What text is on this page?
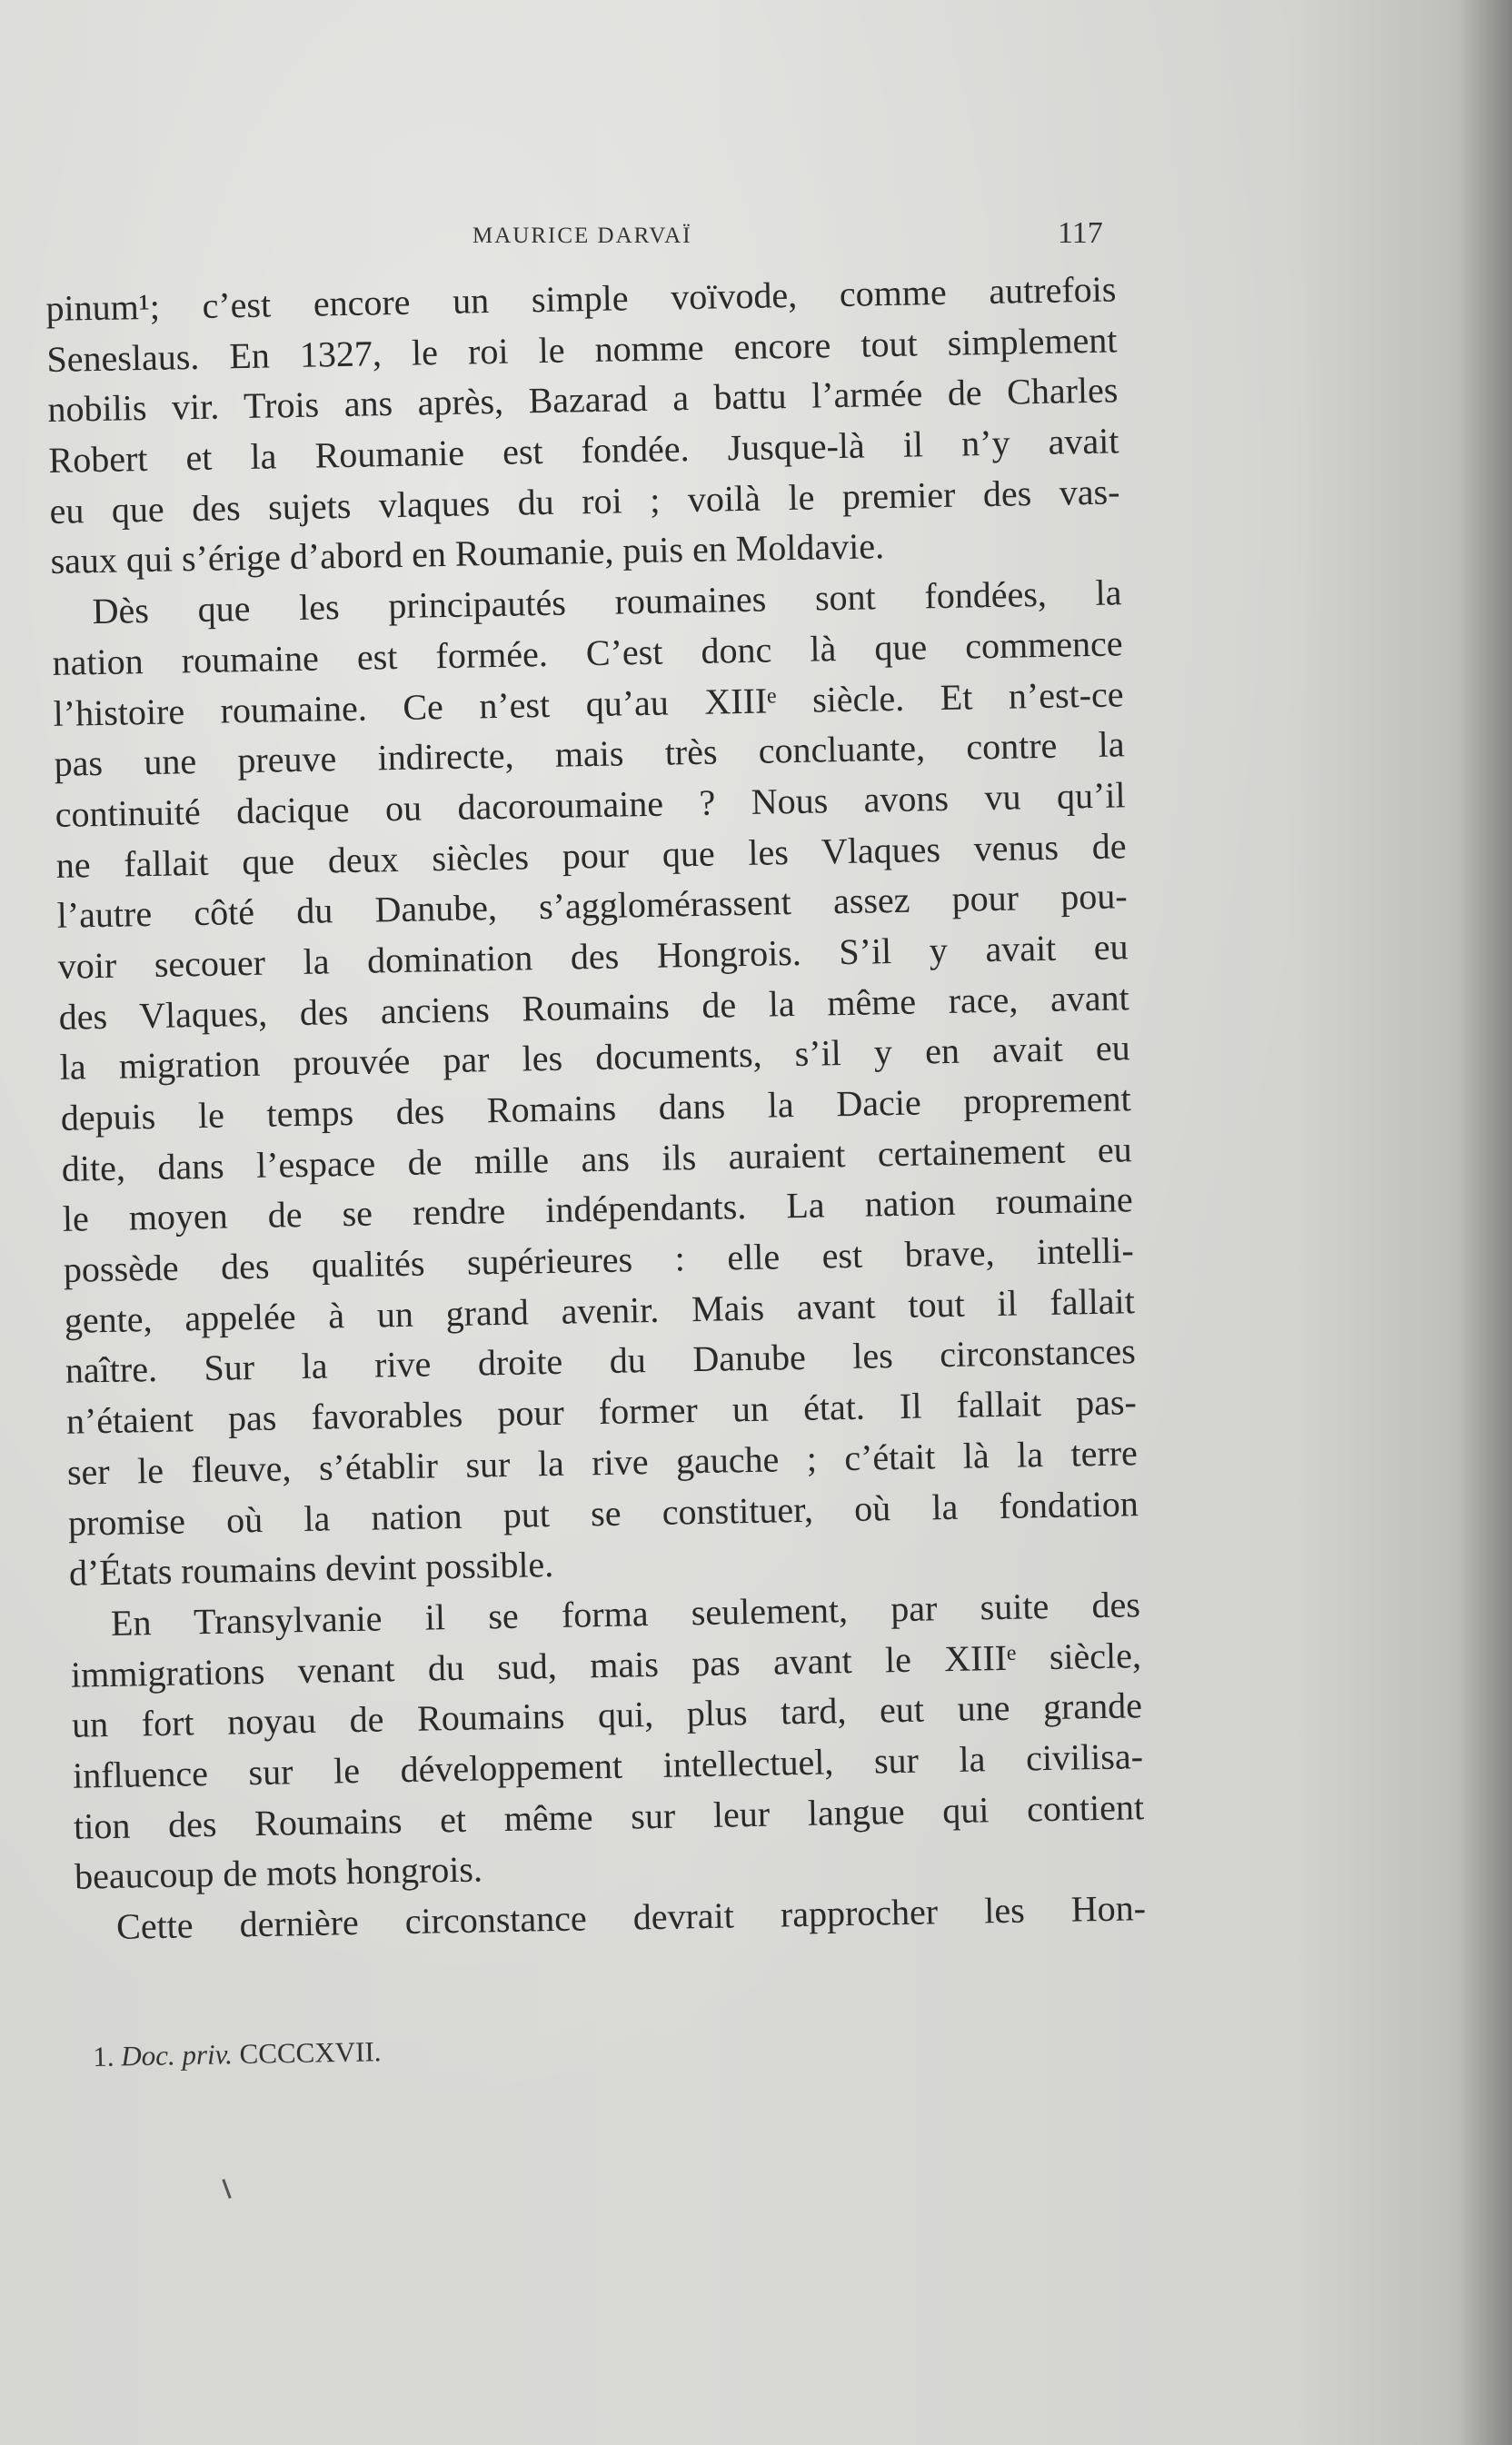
MAURICE DARVAÏ	117
pinum¹; c’est encore un simple voïvode, comme autrefois
Seneslaus. En 1327, le roi le nomme encore tout simplement
nobilis vir. Trois ans après, Bazarad a battu l’armée de Charles
Robert et la Roumanie est fondée. Jusque-là il n’y avait
eu que des sujets vlaques du roi ; voilà le premier des vas-
saux qui s’érige d’abord en Roumanie, puis en Moldavie.
Dès que les principautés roumaines sont fondées, la
nation roumaine est formée. C’est donc là que commence
l’histoire roumaine. Ce n’est qu’au XIIIᵉ siècle. Et n’est-ce
pas une preuve indirecte, mais très concluante, contre la
continuité dacique ou dacoroumaine ? Nous avons vu qu’il
ne fallait que deux siècles pour que les Vlaques venus de
l’autre côté du Danube, s’agglomérassent assez pour pou-
voir secouer la domination des Hongrois. S’il y avait eu
des Vlaques, des anciens Roumains de la même race, avant
la migration prouvée par les documents, s’il y en avait eu
depuis le temps des Romains dans la Dacie proprement
dite, dans l’espace de mille ans ils auraient certainement eu
le moyen de se rendre indépendants. La nation roumaine
possède des qualités supérieures : elle est brave, intelli-
gente, appelée à un grand avenir. Mais avant tout il fallait
naître. Sur la rive droite du Danube les circonstances
n’étaient pas favorables pour former un état. Il fallait pas-
ser le fleuve, s’établir sur la rive gauche ; c’était là la terre
promise où la nation put se constituer, où la fondation
d’États roumains devint possible.
En Transylvanie il se forma seulement, par suite des
immigrations venant du sud, mais pas avant le XIIIᵉ siècle,
un fort noyau de Roumains qui, plus tard, eut une grande
influence sur le développement intellectuel, sur la civilisa-
tion des Roumains et même sur leur langue qui contient
beaucoup de mots hongrois.
Cette dernière circonstance devrait rapprocher les Hon-
1. Doc. priv. CCCCXVII.
